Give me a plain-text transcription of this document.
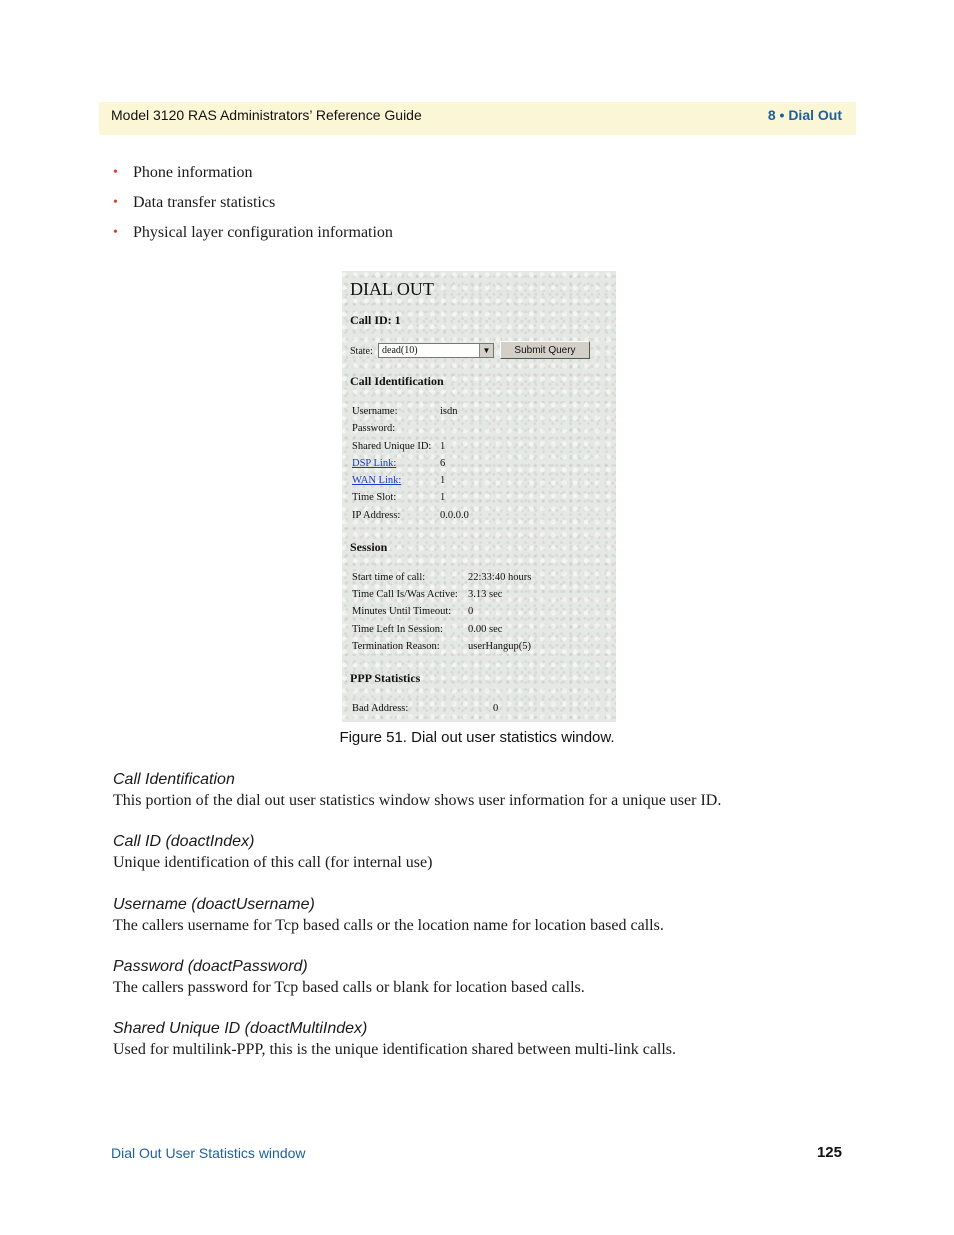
Model 3120 RAS Administrators’ Reference Guide	8 • Dial Out
• Phone information
• Data transfer statistics
• Physical layer configuration information
DIAL OUT
Call ID: 1
State: dead(10)	▼	Submit Query
Call Identification
Username:	isdn
Password:
Shared Unique ID: 1
DSP Link:	6
WAN Link:	1
Time Slot:	1
IP Address:	0.0.0.0
Session
Start time of call:	22:33:40 hours
Time Call Is/Was Active: 3.13 sec
Minutes Until Timeout: 0
Time Left In Session: 0.00 sec
Termination Reason:	userHangup(5)
PPP Statistics
Bad Address:	0
Figure 51. Dial out user statistics window.
Call Identification
This portion of the dial out user statistics window shows user information for a unique user ID.
Call ID (doactIndex)
Unique identification of this call (for internal use)
Username (doactUsername)
The callers username for Tcp based calls or the location name for location based calls.
Password (doactPassword)
The callers password for Tcp based calls or blank for location based calls.
Shared Unique ID (doactMultiIndex)
Used for multilink-PPP, this is the unique identification shared between multi-link calls.
Dial Out User Statistics window	125
